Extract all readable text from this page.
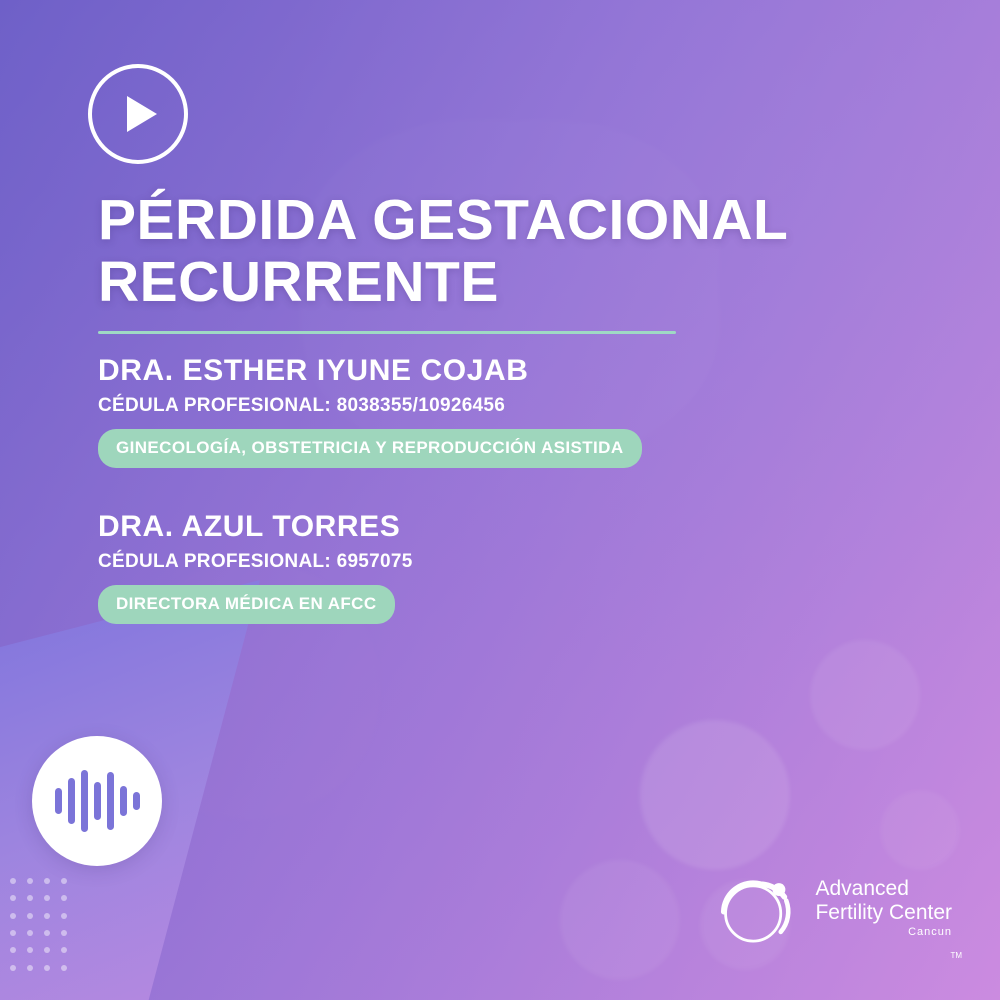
PÉRDIDA GESTACIONAL RECURRENTE
DRA. ESTHER IYUNE COJAB
CÉDULA PROFESIONAL: 8038355/10926456
GINECOLOGÍA, OBSTETRICIA Y REPRODUCCIÓN ASISTIDA
DRA. AZUL TORRES
CÉDULA PROFESIONAL: 6957075
DIRECTORA MÉDICA EN AFCC
Advanced
Fertility Center
Cancun
TM
